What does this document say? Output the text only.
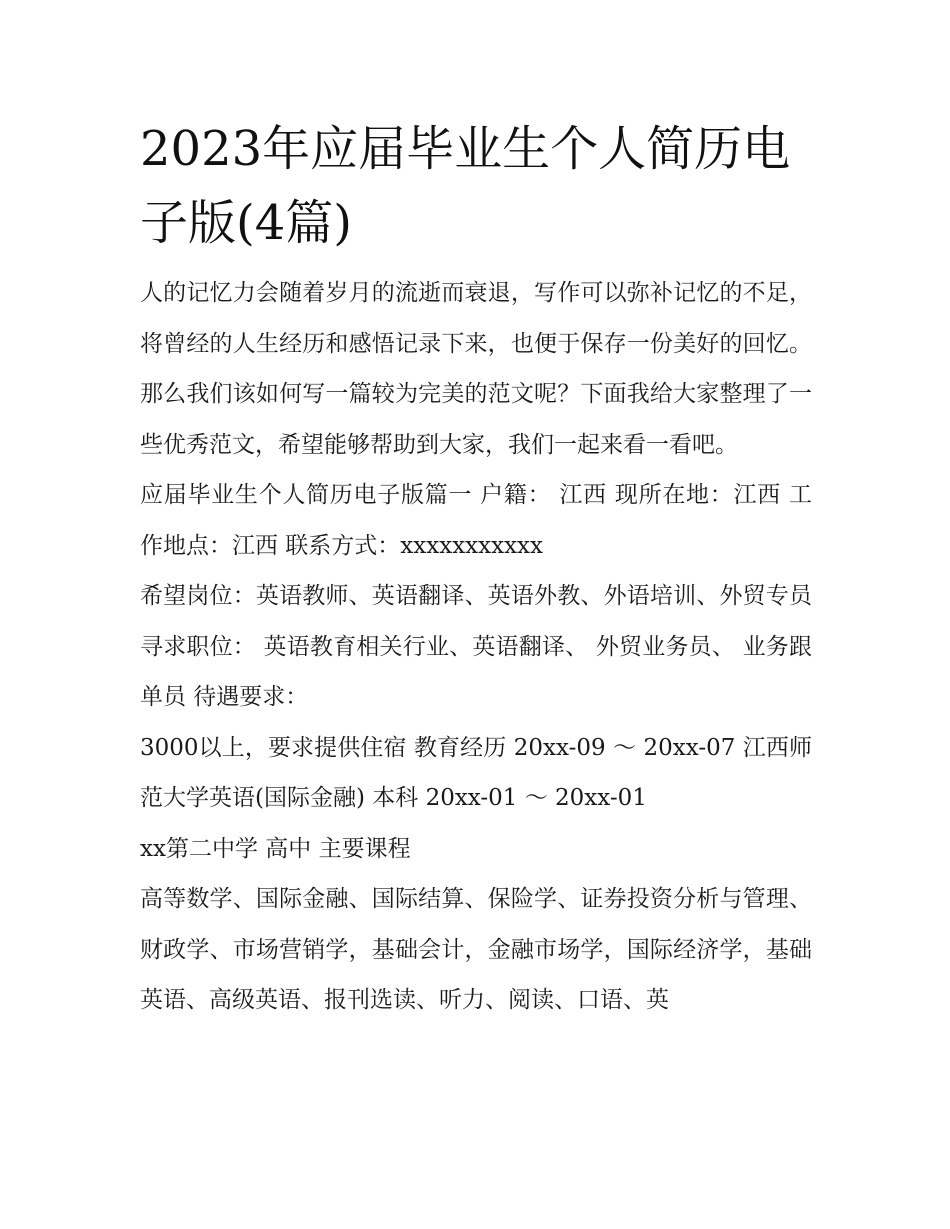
2023年应届毕业生个人简历电子版(4篇)

人的记忆力会随着岁月的流逝而衰退，写作可以弥补记忆的不足，将曾经的人生经历和感悟记录下来，也便于保存一份美好的回忆。那么我们该如何写一篇较为完美的范文呢？下面我给大家整理了一些优秀范文，希望能够帮助到大家，我们一起来看一看吧。

应届毕业生个人简历电子版篇一 户籍： 江西 现所在地：江西 工作地点：江西 联系方式：xxxxxxxxxxx

希望岗位：英语教师、英语翻译、英语外教、外语培训、外贸专员 寻求职位： 英语教育相关行业、英语翻译、 外贸业务员、 业务跟单员 待遇要求：

3000以上，要求提供住宿 教育经历 20xx-09 ～ 20xx-07 江西师范大学英语(国际金融) 本科 20xx-01 ～ 20xx-01

xx第二中学 高中 主要课程

高等数学、国际金融、国际结算、保险学、证券投资分析与管理、财政学、市场营销学，基础会计，金融市场学，国际经济学，基础英语、高级英语、报刊选读、听力、阅读、口语、英
